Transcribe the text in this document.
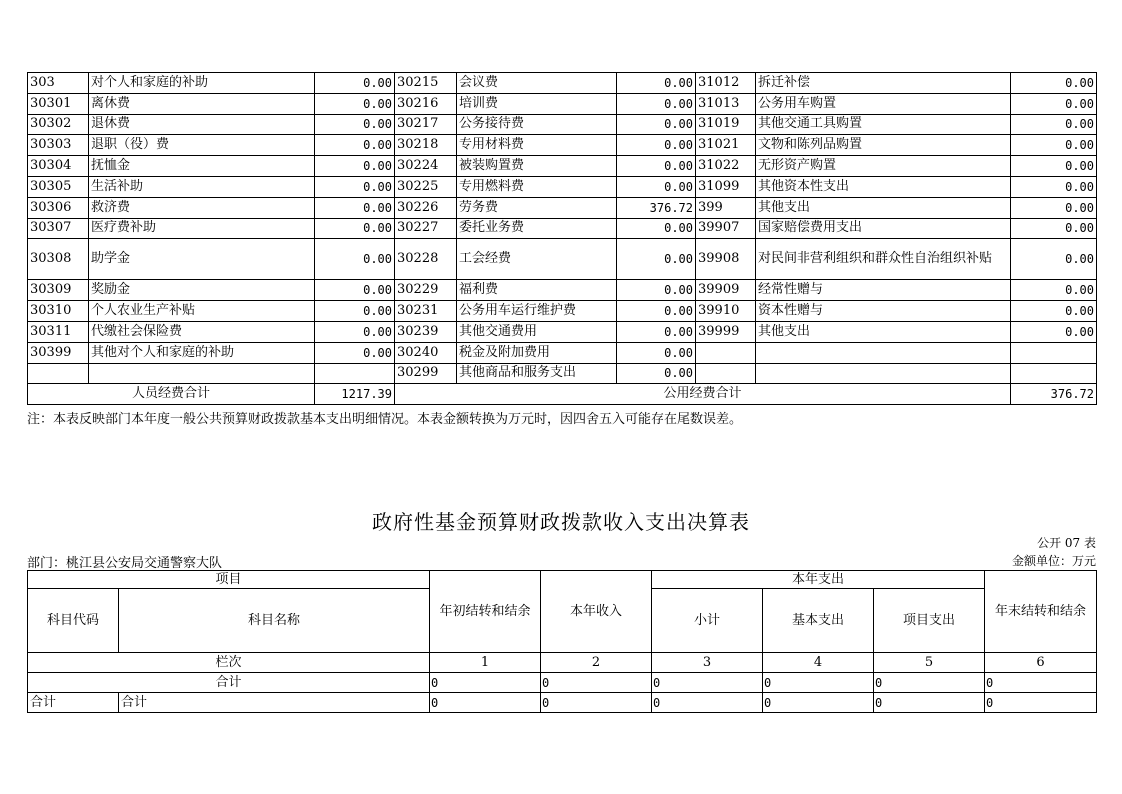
303	对个人和家庭的补助	0.00	30215	会议费	0.00	31012	拆迁补偿	0.00
30301	离休费	0.00	30216	培训费	0.00	31013	公务用车购置	0.00
30302	退休费	0.00	30217	公务接待费	0.00	31019	其他交通工具购置	0.00
30303	退职（役）费	0.00	30218	专用材料费	0.00	31021	文物和陈列品购置	0.00
30304	抚恤金	0.00	30224	被装购置费	0.00	31022	无形资产购置	0.00
30305	生活补助	0.00	30225	专用燃料费	0.00	31099	其他资本性支出	0.00
30306	救济费	0.00	30226	劳务费	376.72	399	其他支出	0.00
30307	医疗费补助	0.00	30227	委托业务费	0.00	39907	国家赔偿费用支出	0.00
30308	助学金	0.00	30228	工会经费	0.00	39908	对民间非营利组织和群众性自治组织补贴	0.00
30309	奖励金	0.00	30229	福利费	0.00	39909	经常性赠与	0.00
30310	个人农业生产补贴	0.00	30231	公务用车运行维护费	0.00	39910	资本性赠与	0.00
30311	代缴社会保险费	0.00	30239	其他交通费用	0.00	39999	其他支出	0.00
30399	其他对个人和家庭的补助	0.00	30240	税金及附加费用	0.00			
			30299	其他商品和服务支出	0.00			
人员经费合计		1217.39	公用经费合计					376.72
注：本表反映部门本年度一般公共预算财政拨款基本支出明细情况。本表金额转换为万元时，因四舍五入可能存在尾数误差。
政府性基金预算财政拨款收入支出决算表
公开 07 表
部门：桃江县公安局交通警察大队	金额单位：万元
项目		年初结转和结余	本年收入	本年支出			年末结转和结余
科目代码	科目名称			小计	基本支出	项目支出	
栏次		1	2	3	4	5	6
合计		0	0	0	0	0	0
合计	合计	0	0	0	0	0	0
